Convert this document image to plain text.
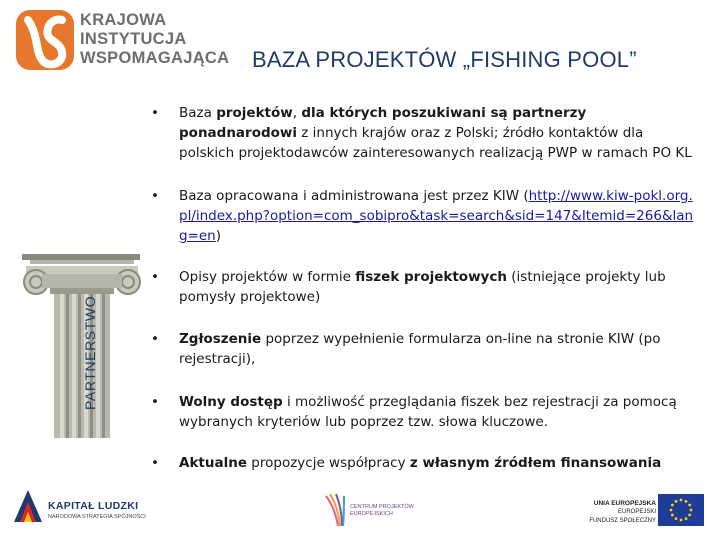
KRAJOWA
INSTYTUCJA
WSPOMAGAJĄCA BAZA PROJEKTÓW „FISHING POOL”
PARTNERSTWO
• Baza projektów, dla których poszukiwani są partnerzy ponadnarodowi z innych krajów oraz z Polski; źródło kontaktów dla polskich projektodawców zainteresowanych realizacją PWP w ramach PO KL
• Baza opracowana i administrowana jest przez KIW (http://www.kiw-pokl.org.pl/index.php?option=com_sobipro&task=search&sid=147&Itemid=266&lang=en)
• Opisy projektów w formie fiszek projektowych (istniejące projekty lub pomysły projektowe)
• Zgłoszenie poprzez wypełnienie formularza on-line na stronie KIW (po rejestracji),
• Wolny dostęp i możliwość przeglądania fiszek bez rejestracji za pomocą wybranych kryteriów lub poprzez tzw. słowa kluczowe.
• Aktualne propozycje współpracy z własnym źródłem finansowania
KAPITAŁ LUDZKI
NARODOWA STRATEGIA SPÓJNOŚCI
CENTRUM PROJEKTÓW
EUROPEJSKICH
UNIA EUROPEJSKA
EUROPEJSKI
FUNDUSZ SPOŁECZNY
